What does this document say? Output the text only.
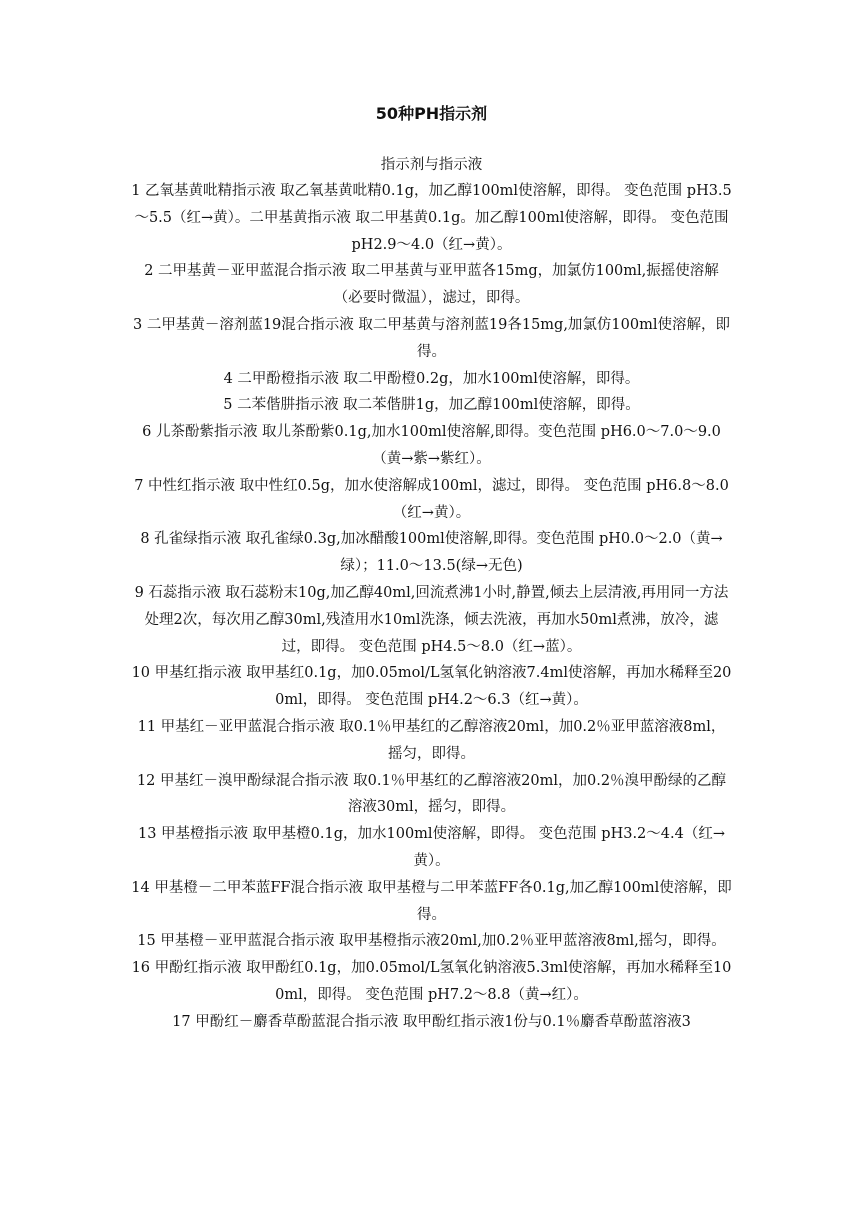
50种PH指示剂

指示剂与指示液

1 乙氧基黄吡精指示液 取乙氧基黄吡精0.1g，加乙醇100ml使溶解，即得。 变色范围 pH3.5～5.5（红→黄）。二甲基黄指示液 取二甲基黄0.1g。加乙醇100ml使溶解，即得。 变色范围 pH2.9～4.0（红→黄）。

2 二甲基黄－亚甲蓝混合指示液 取二甲基黄与亚甲蓝各15mg，加氯仿100ml,振摇使溶解（必要时微温），滤过，即得。

3 二甲基黄－溶剂蓝19混合指示液 取二甲基黄与溶剂蓝19各15mg,加氯仿100ml使溶解，即得。

4 二甲酚橙指示液 取二甲酚橙0.2g，加水100ml使溶解，即得。

5 二苯偕肼指示液 取二苯偕肼1g，加乙醇100ml使溶解，即得。

6 儿茶酚紫指示液 取儿茶酚紫0.1g,加水100ml使溶解,即得。变色范围 pH6.0～7.0～9.0（黄→紫→紫红）。

7 中性红指示液 取中性红0.5g，加水使溶解成100ml，滤过，即得。 变色范围 pH6.8～8.0（红→黄）。

8 孔雀绿指示液 取孔雀绿0.3g,加冰醋酸100ml使溶解,即得。变色范围 pH0.0～2.0（黄→绿）；11.0～13.5(绿→无色)

9 石蕊指示液 取石蕊粉末10g,加乙醇40ml,回流煮沸1小时,静置,倾去上层清液,再用同一方法处理2次，每次用乙醇30ml,残渣用水10ml洗涤，倾去洗液，再加水50ml煮沸，放冷，滤过，即得。 变色范围 pH4.5～8.0（红→蓝）。

10 甲基红指示液 取甲基红0.1g，加0.05mol/L氢氧化钠溶液7.4ml使溶解，再加水稀释至200ml，即得。 变色范围 pH4.2～6.3（红→黄）。

11 甲基红－亚甲蓝混合指示液 取0.1％甲基红的乙醇溶液20ml，加0.2％亚甲蓝溶液8ml，摇匀，即得。

12 甲基红－溴甲酚绿混合指示液 取0.1％甲基红的乙醇溶液20ml，加0.2％溴甲酚绿的乙醇溶液30ml，摇匀，即得。

13 甲基橙指示液 取甲基橙0.1g，加水100ml使溶解，即得。 变色范围 pH3.2～4.4（红→黄）。

14 甲基橙－二甲苯蓝FF混合指示液 取甲基橙与二甲苯蓝FF各0.1g,加乙醇100ml使溶解，即得。

15 甲基橙－亚甲蓝混合指示液 取甲基橙指示液20ml,加0.2％亚甲蓝溶液8ml,摇匀，即得。

16 甲酚红指示液 取甲酚红0.1g，加0.05mol/L氢氧化钠溶液5.3ml使溶解，再加水稀释至100ml，即得。 变色范围 pH7.2～8.8（黄→红）。

17 甲酚红－麝香草酚蓝混合指示液 取甲酚红指示液1份与0.1％麝香草酚蓝溶液3
